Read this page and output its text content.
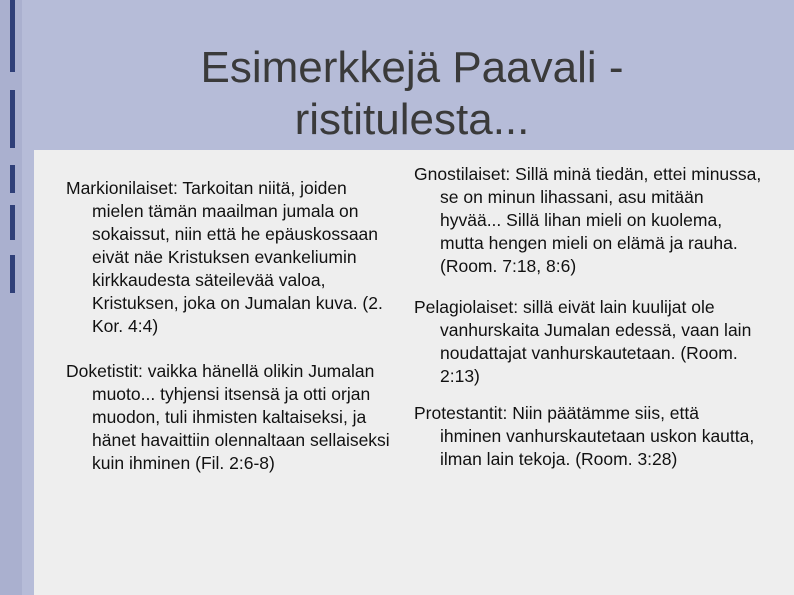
Esimerkkejä Paavali -
ristitulesta...

Markionilaiset: Tarkoitan niitä, joiden mielen tämän maailman jumala on sokaissut, niin että he epäuskossaan eivät näe Kristuksen evankeliumin kirkkaudesta säteilevää valoa, Kristuksen, joka on Jumalan kuva. (2. Kor. 4:4)

Doketistit: vaikka hänellä olikin Jumalan muoto... tyhjensi itsensä ja otti orjan muodon, tuli ihmisten kaltaiseksi, ja hänet havaittiin olennaltaan sellaiseksi kuin ihminen (Fil. 2:6-8)

Gnostilaiset: Sillä minä tiedän, ettei minussa, se on minun lihassani, asu mitään hyvää... Sillä lihan mieli on kuolema, mutta hengen mieli on elämä ja rauha. (Room. 7:18, 8:6)

Pelagiolaiset: sillä eivät lain kuulijat ole vanhurskaita Jumalan edessä, vaan lain noudattajat vanhurskautetaan. (Room. 2:13)

Protestantit: Niin päätämme siis, että ihminen vanhurskautetaan uskon kautta, ilman lain tekoja. (Room. 3:28)
